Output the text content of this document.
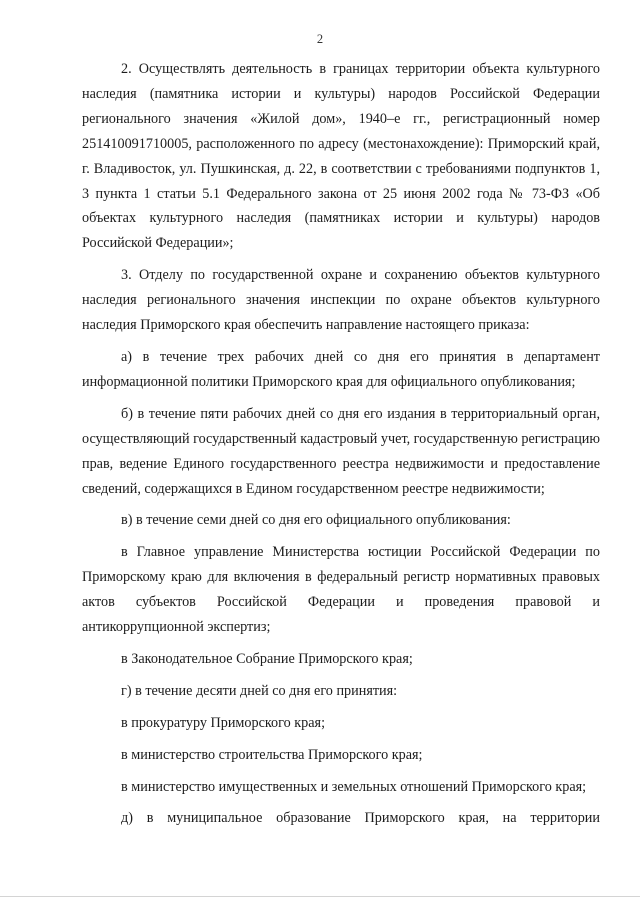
2

2. Осуществлять деятельность в границах территории объекта культурного наследия (памятника истории и культуры) народов Российской Федерации регионального значения «Жилой дом», 1940–е гг., регистрационный номер 251410091710005, расположенного по адресу (местонахождение): Приморский край, г. Владивосток, ул. Пушкинская, д. 22, в соответствии с требованиями подпунктов 1, 3 пункта 1 статьи 5.1 Федерального закона от 25 июня 2002 года № 73-ФЗ «Об объектах культурного наследия (памятниках истории и культуры) народов Российской Федерации»;

3. Отделу по государственной охране и сохранению объектов культурного наследия регионального значения инспекции по охране объектов культурного наследия Приморского края обеспечить направление настоящего приказа:

а) в течение трех рабочих дней со дня его принятия в департамент информационной политики Приморского края для официального опубликования;

б) в течение пяти рабочих дней со дня его издания в территориальный орган, осуществляющий государственный кадастровый учет, государственную регистрацию прав, ведение Единого государственного реестра недвижимости и предоставление сведений, содержащихся в Едином государственном реестре недвижимости;

в) в течение семи дней со дня его официального опубликования:

в Главное управление Министерства юстиции Российской Федерации по Приморскому краю для включения в федеральный регистр нормативных правовых актов субъектов Российской Федерации и проведения правовой и антикоррупционной экспертиз;

в Законодательное Собрание Приморского края;

г) в течение десяти дней со дня его принятия:

в прокуратуру Приморского края;

в министерство строительства Приморского края;

в министерство имущественных и земельных отношений Приморского края;

д) в муниципальное образование Приморского края, на территории
